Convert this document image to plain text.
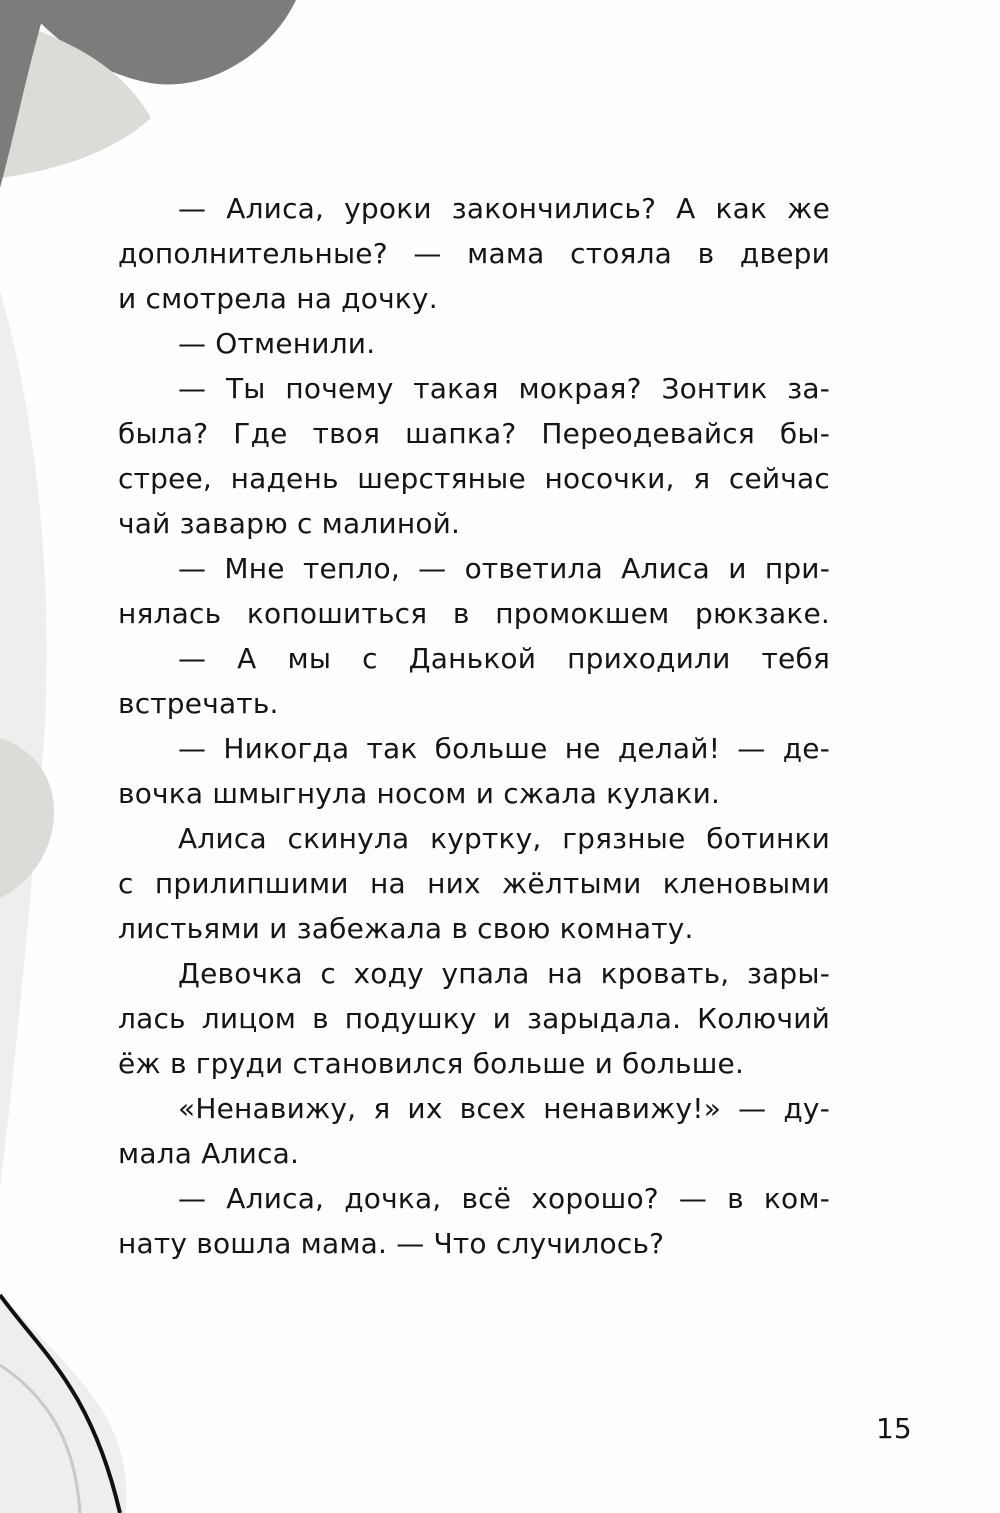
— Алиса, уроки закончились? А как же
дополнительные? — мама стояла в двери
и смотрела на дочку.
— Отменили.
— Ты почему такая мокрая? Зонтик за-
была? Где твоя шапка? Переодевайся бы-
стрее, надень шерстяные носочки, я сейчас
чай заварю с малиной.
— Мне тепло, — ответила Алиса и при-
нялась копошиться в промокшем рюкзаке.
— А мы с Данькой приходили тебя
встречать.
— Никогда так больше не делай! — де-
вочка шмыгнула носом и сжала кулаки.
Алиса скинула куртку, грязные ботинки
с прилипшими на них жёлтыми кленовыми
листьями и забежала в свою комнату.
Девочка с ходу упала на кровать, зары-
лась лицом в подушку и зарыдала. Колючий
ёж в груди становился больше и больше.
«Ненавижу, я их всех ненавижу!» — ду-
мала Алиса.
— Алиса, дочка, всё хорошо? — в ком-
нату вошла мама. — Что случилось?
15
